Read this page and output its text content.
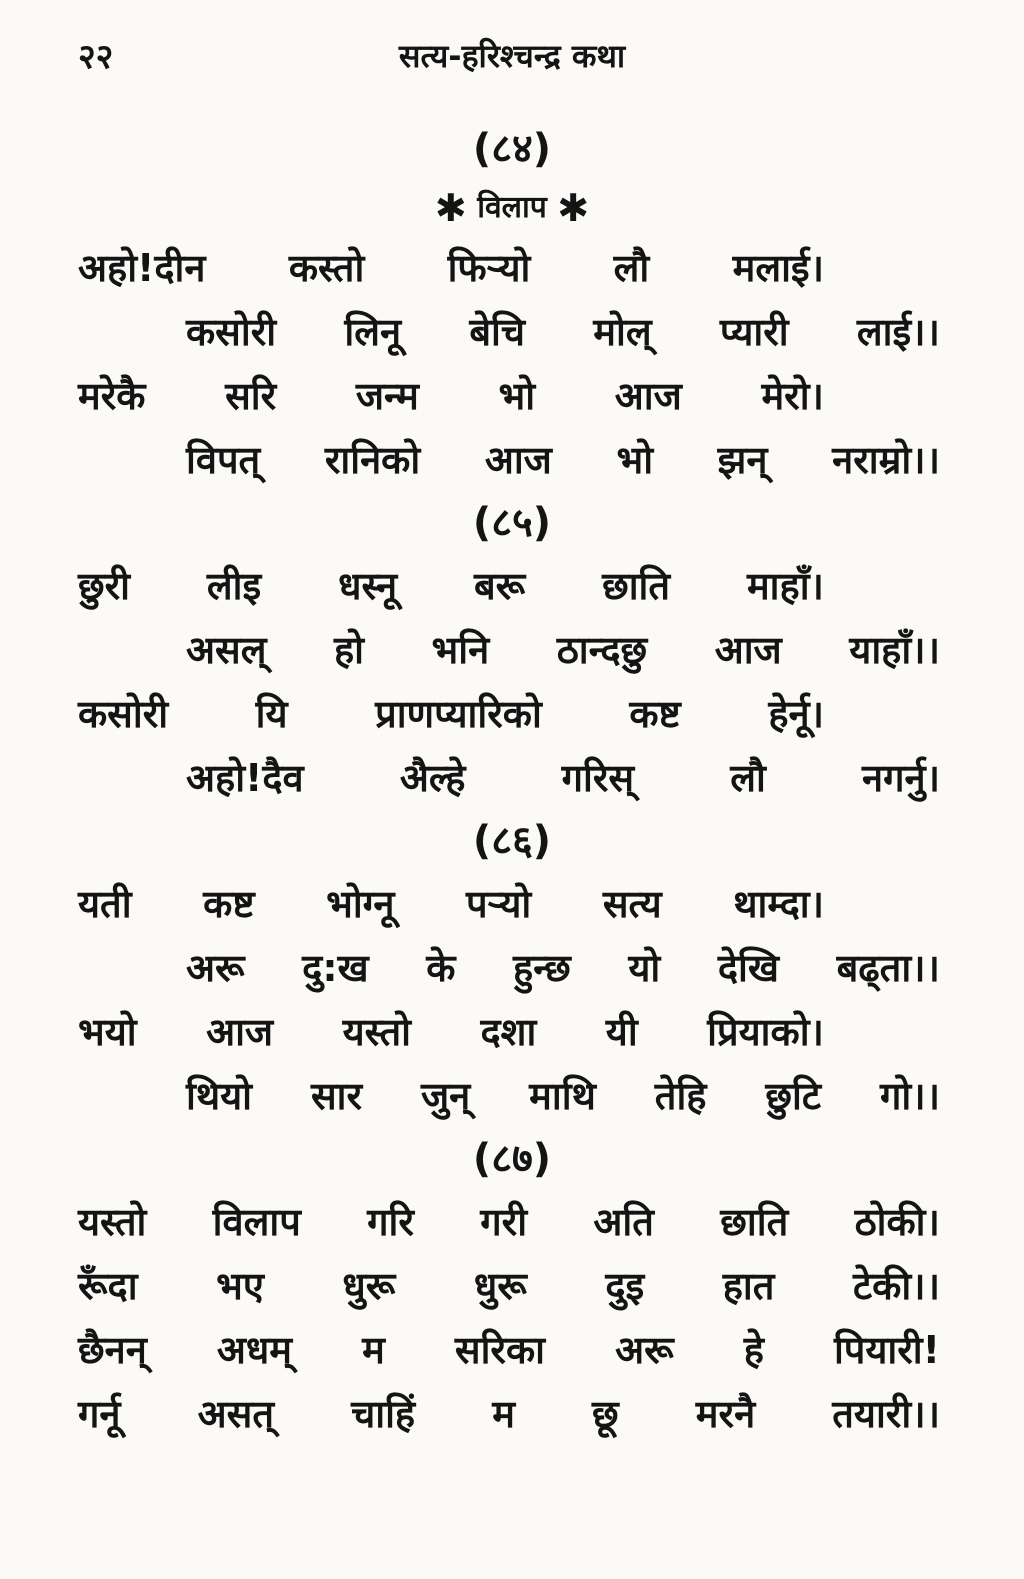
२२	सत्य-हरिश्चन्द्र कथा
(८४)
✱ विलाप ✱
अहो!दीन कस्तो फिऱ्यो लौ मलाई।
कसोरी लिनू बेचि मोल् प्यारी लाई।।
मरेकै सरि जन्म भो आज मेरो।
विपत् रानिको आज भो झन् नराम्रो।।
(८५)
छुरी लीइ धस्नू बरू छाति माहाँ।
असल् हो भनि ठान्दछु आज याहाँ।।
कसोरी यि प्राणप्यारिको कष्ट हेर्नू।
अहो!दैव	अैल्हे	गरिस्	लौ	नगर्नु।
(८६)
यती कष्ट भोग्नू पऱ्यो सत्य थाम्दा।
अरू दु:ख के हुन्छ यो देखि बढ्ता।।
भयो आज यस्तो दशा यी प्रियाको।
थियो सार जुन् माथि तेहि छुटि गो।।
(८७)
यस्तो विलाप गरि गरी अति छाति ठोकी।
रूँदा भए धुरू धुरू दुइ हात टेकी।।
छैनन् अधम् म सरिका अरू हे पियारी!
गर्नू असत् चाहिं म छू मरनै तयारी।।
